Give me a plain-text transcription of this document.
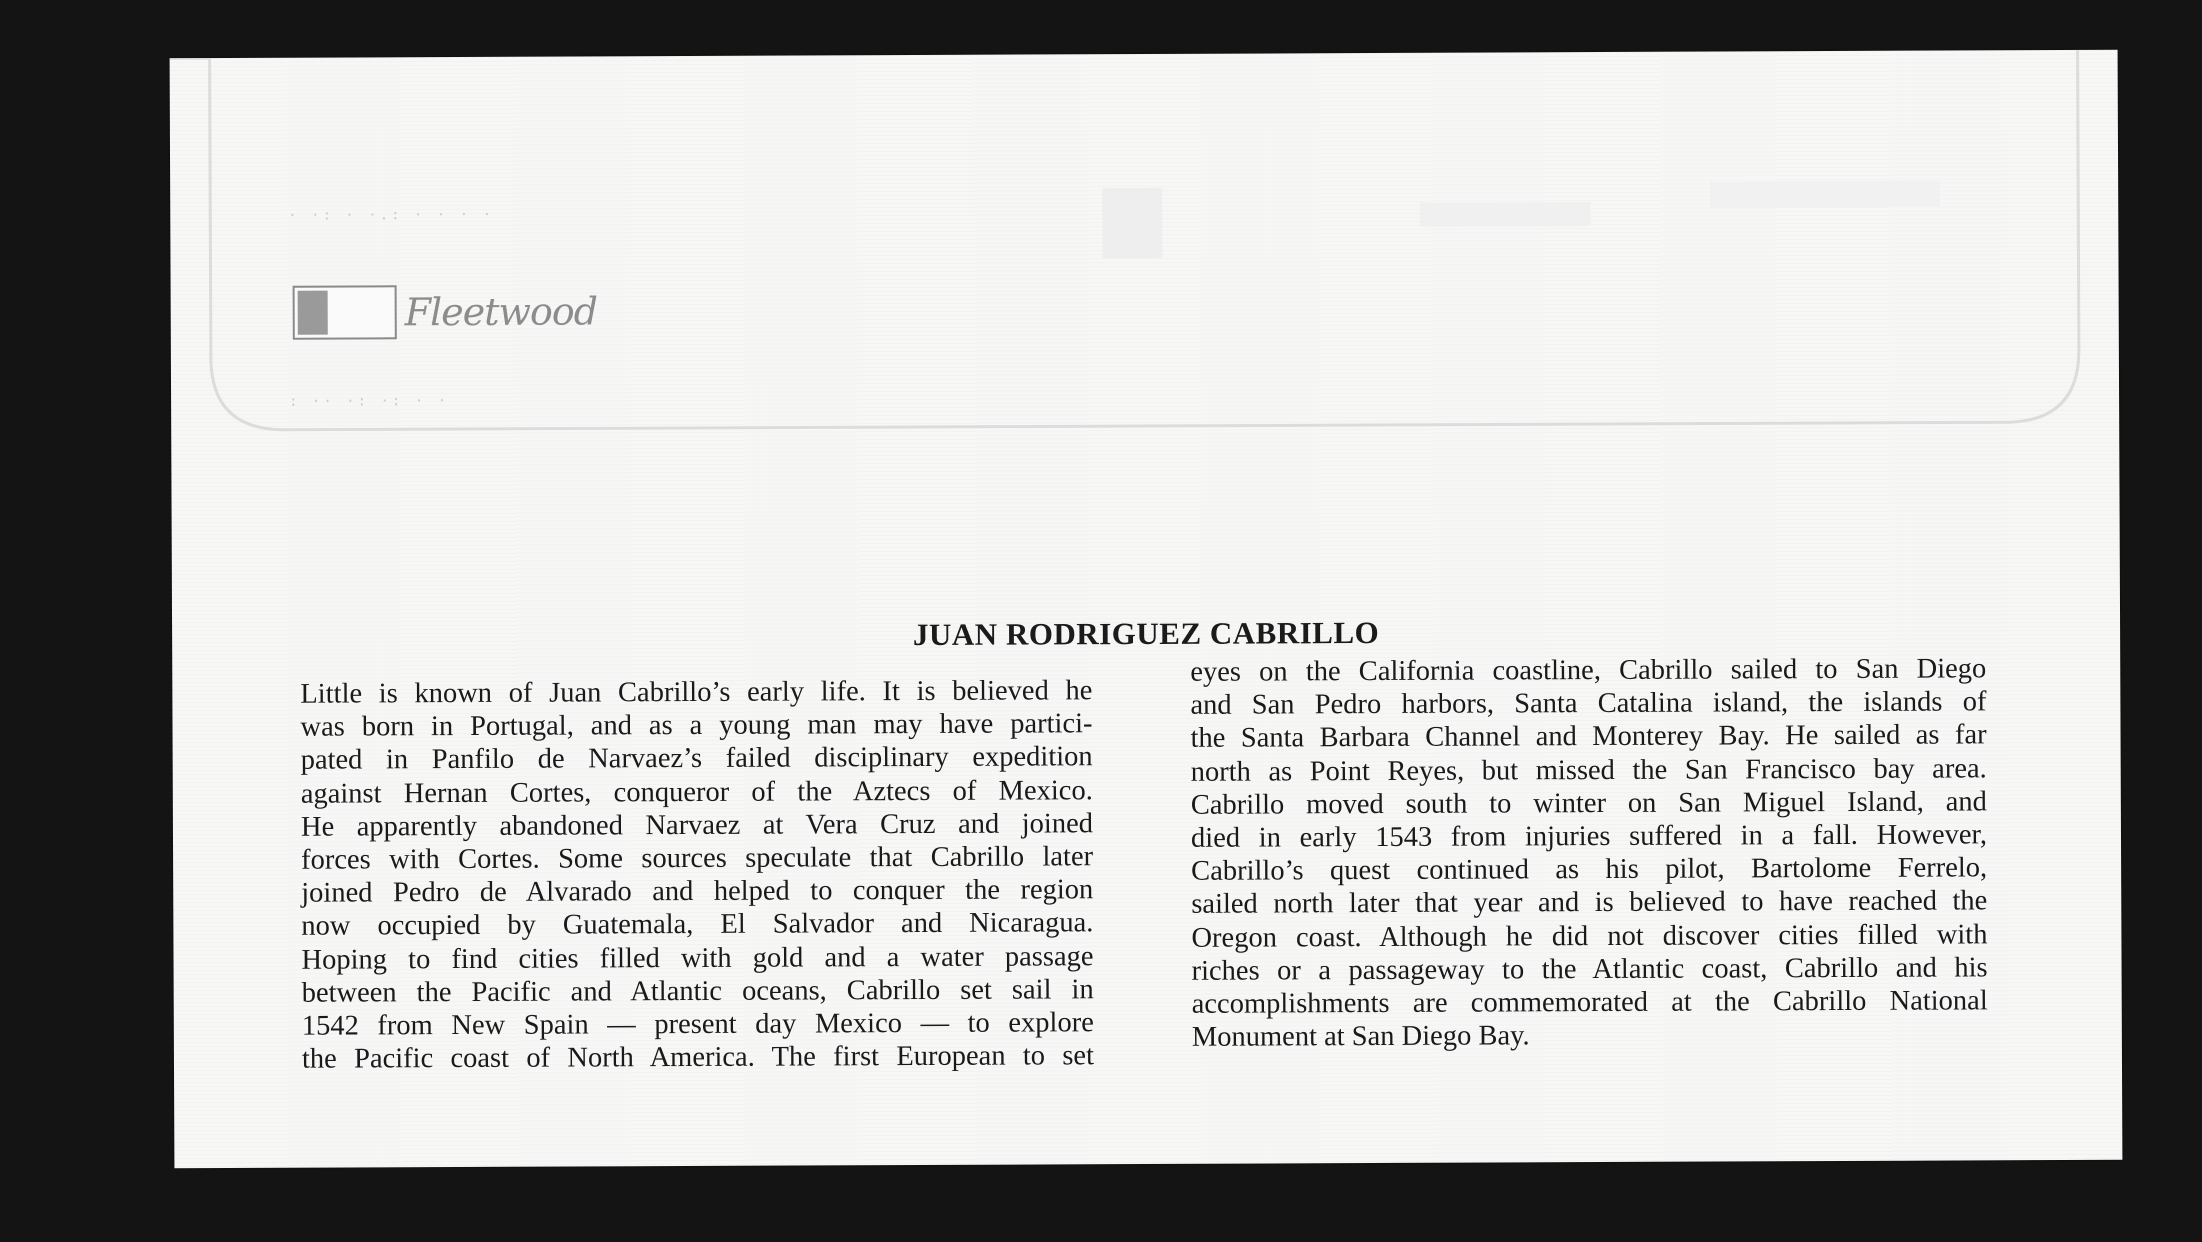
· ·: · ·.: · · · ·
: ·· ·: ·: · ·
Fleetwood
JUAN RODRIGUEZ CABRILLO
Little is known of Juan Cabrillo’s early life. It is believed he
was born in Portugal, and as a young man may have partici-
pated in Panfilo de Narvaez’s failed disciplinary expedition
against Hernan Cortes, conqueror of the Aztecs of Mexico.
He apparently abandoned Narvaez at Vera Cruz and joined
forces with Cortes. Some sources speculate that Cabrillo later
joined Pedro de Alvarado and helped to conquer the region
now occupied by Guatemala, El Salvador and Nicaragua.
Hoping to find cities filled with gold and a water passage
between the Pacific and Atlantic oceans, Cabrillo set sail in
1542 from New Spain — present day Mexico — to explore
the Pacific coast of North America. The first European to set
eyes on the California coastline, Cabrillo sailed to San Diego
and San Pedro harbors, Santa Catalina island, the islands of
the Santa Barbara Channel and Monterey Bay. He sailed as far
north as Point Reyes, but missed the San Francisco bay area.
Cabrillo moved south to winter on San Miguel Island, and
died in early 1543 from injuries suffered in a fall. However,
Cabrillo’s quest continued as his pilot, Bartolome Ferrelo,
sailed north later that year and is believed to have reached the
Oregon coast. Although he did not discover cities filled with
riches or a passageway to the Atlantic coast, Cabrillo and his
accomplishments are commemorated at the Cabrillo National
Monument at San Diego Bay.
